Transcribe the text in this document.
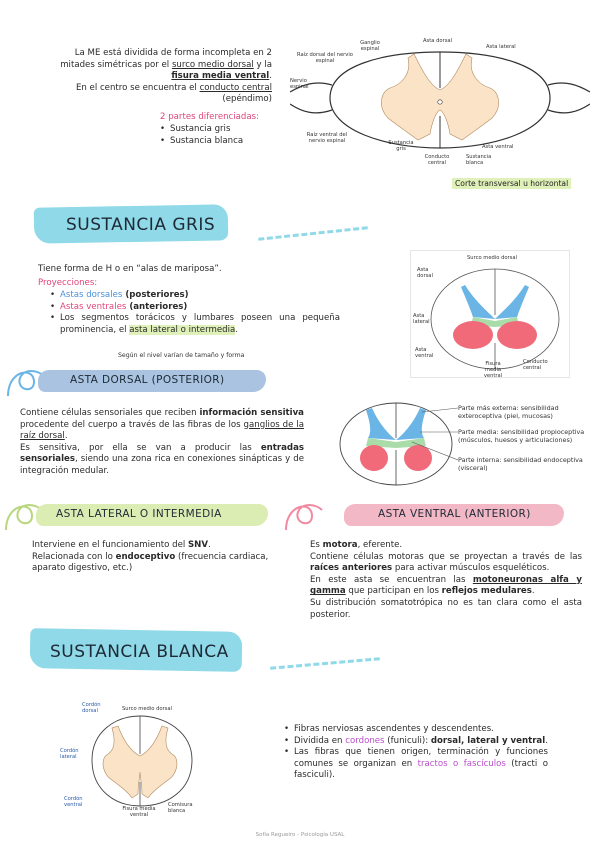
La ME está dividida de forma incompleta en 2
mitades simétricas por el surco medio dorsal y la
fisura media ventral.
En el centro se encuentra el conducto central
(epéndimo)
2 partes diferenciadas:
• Sustancia gris
• Sustancia blanca
Ganglio espinal
Asta dorsal
Raíz dorsal del nervio espinal
Asta lateral
Nervio espinal
Raíz ventral del nervio espinal	Sustancia gris
Conducto central
Asta ventral
Sustancia blanca
Corte transversal u horizontal
SUSTANCIA GRIS
Tiene forma de H o en “alas de mariposa”.
Proyecciones:
• Astas dorsales (posteriores)
• Astas ventrales (anteriores)
• Los segmentos torácicos y lumbares poseen una pequeña prominencia, el asta lateral o intermedia.
Según el nivel varían de tamaño y forma
Surco medio dorsal
Asta dorsal
Asta lateral
Asta ventral
Fisura media ventral
Conducto central
ASTA DORSAL (POSTERIOR)
Contiene células sensoriales que reciben información sensitiva procedente del cuerpo a través de las fibras de los ganglios de la raíz dorsal.
Es sensitiva, por ella se van a producir las entradas sensoriales, siendo una zona rica en conexiones sinápticas y de integración medular.
Parte más externa: sensibilidad exteroceptiva (piel, mucosas)
Parte media: sensibilidad propioceptiva (músculos, huesos y articulaciones)
Parte interna: sensibilidad endoceptiva (visceral)
ASTA LATERAL O INTERMEDIA
Interviene en el funcionamiento del SNV.
Relacionada con lo endoceptivo (frecuencia cardiaca, aparato digestivo, etc.)
ASTA VENTRAL (ANTERIOR)
Es motora, eferente.
Contiene células motoras que se proyectan a través de las raíces anteriores para activar músculos esqueléticos.
En este asta se encuentran las motoneuronas alfa y gamma que participan en los reflejos medulares.
Su distribución somatotrópica no es tan clara como el asta posterior.
SUSTANCIA BLANCA
Surco medio dorsal
Cordón dorsal
Cordón lateral
Cordón ventral
Fisura media ventral
Comisura blanca
• Fibras nerviosas ascendentes y descendentes.
• Dividida en cordones (funiculi): dorsal, lateral y ventral.
• Las fibras que tienen origen, terminación y funciones comunes se organizan en tractos o fascículos (tracti o fasciculi).
Sofía Regueiro - Psicología USAL
